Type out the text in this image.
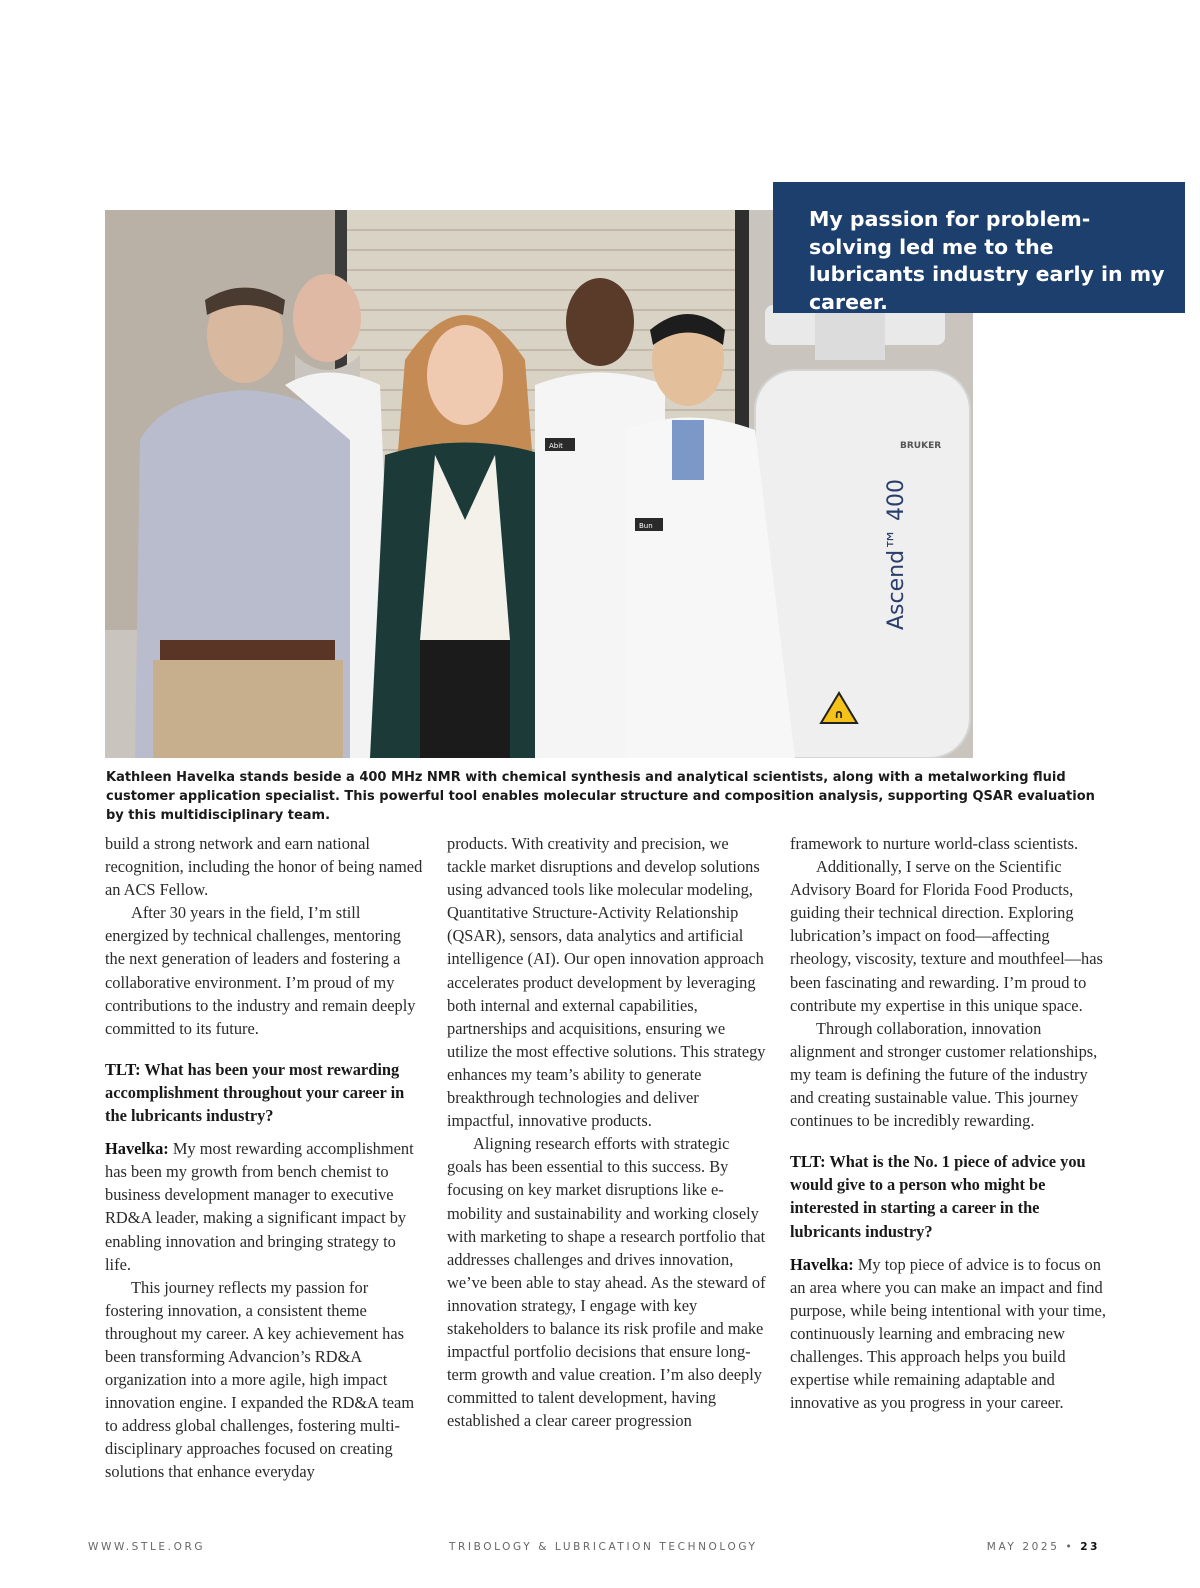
BRUKER
Ascend™ 400
∩
Abit
Bun
My passion for problem-solving led me to the lubricants industry early in my career.
Kathleen Havelka stands beside a 400 MHz NMR with chemical synthesis and analytical scientists, along with a metalworking fluid customer application specialist. This powerful tool enables molecular structure and composition analysis, supporting QSAR evaluation by this multidisciplinary team.

build a strong network and earn national recognition, including the honor of being named an ACS Fellow.

After 30 years in the field, I’m still energized by technical challenges, mentoring the next generation of leaders and fostering a collaborative environment. I’m proud of my contributions to the industry and remain deeply committed to its future.

TLT: What has been your most rewarding accomplishment throughout your career in the lubricants industry?

Havelka: My most rewarding accomplishment has been my growth from bench chemist to business development manager to executive RD&A leader, making a significant impact by enabling innovation and bringing strategy to life.

This journey reflects my passion for fostering innovation, a consistent theme throughout my career. A key achievement has been transforming Advancion’s RD&A organization into a more agile, high impact innovation engine. I expanded the RD&A team to address global challenges, fostering multi-disciplinary approaches focused on creating solutions that enhance everyday

products. With creativity and precision, we tackle market disruptions and develop solutions using advanced tools like molecular modeling, Quantitative Structure-Activity Relationship (QSAR), sensors, data analytics and artificial intelligence (AI). Our open innovation approach accelerates product development by leveraging both internal and external capabilities, partnerships and acquisitions, ensuring we utilize the most effective solutions. This strategy enhances my team’s ability to generate breakthrough technologies and deliver impactful, innovative products.

Aligning research efforts with strategic goals has been essential to this success. By focusing on key market disruptions like e-mobility and sustainability and working closely with marketing to shape a research portfolio that addresses challenges and drives innovation, we’ve been able to stay ahead. As the steward of innovation strategy, I engage with key stakeholders to balance its risk profile and make impactful portfolio decisions that ensure long-term growth and value creation. I’m also deeply committed to talent development, having established a clear career progression

framework to nurture world-class scientists.

Additionally, I serve on the Scientific Advisory Board for Florida Food Products, guiding their technical direction. Exploring lubrication’s impact on food—affecting rheology, viscosity, texture and mouthfeel—has been fascinating and rewarding. I’m proud to contribute my expertise in this unique space.

Through collaboration, innovation alignment and stronger customer relationships, my team is defining the future of the industry and creating sustainable value. This journey continues to be incredibly rewarding.

TLT: What is the No. 1 piece of advice you would give to a person who might be interested in starting a career in the lubricants industry?

Havelka: My top piece of advice is to focus on an area where you can make an impact and find purpose, while being intentional with your time, continuously learning and embracing new challenges. This approach helps you build expertise while remaining adaptable and innovative as you progress in your career.

WWW.STLE.ORG	TRIBOLOGY & LUBRICATION TECHNOLOGY	MAY 2025 • 23
